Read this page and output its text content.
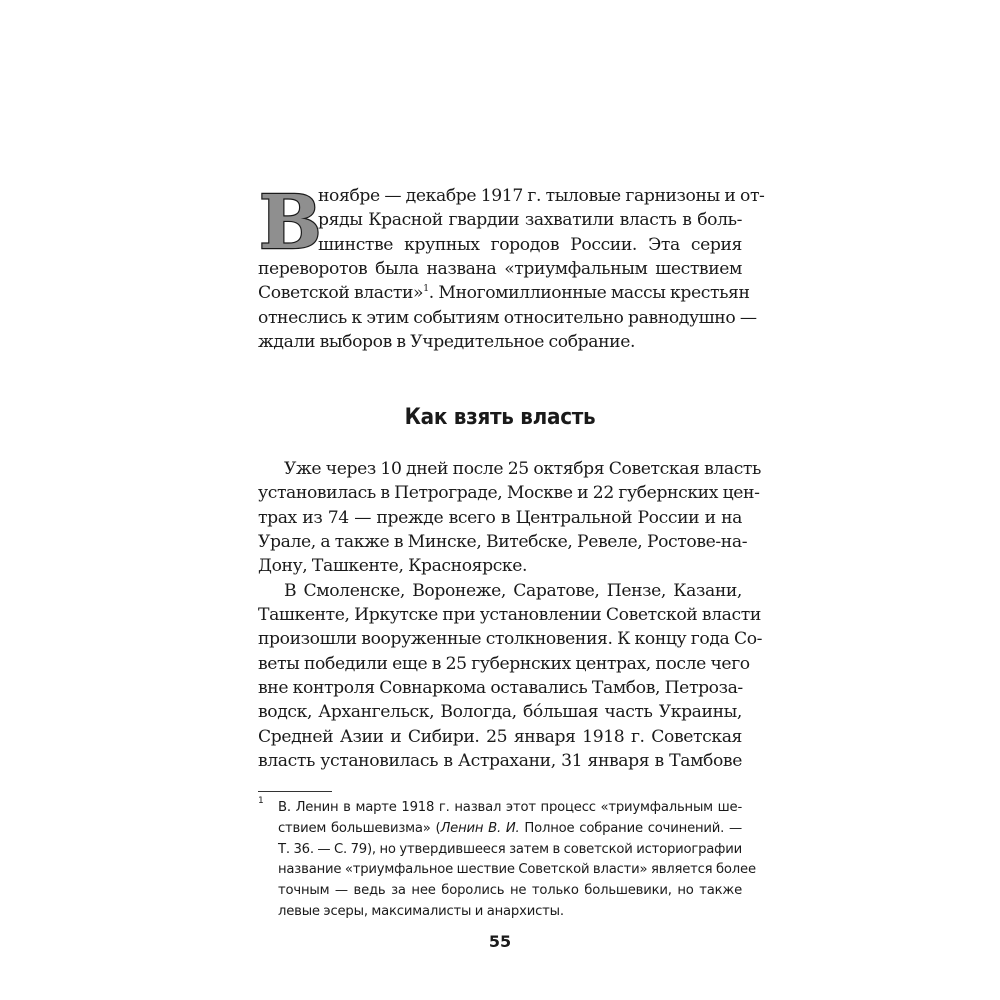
В
ноябре — декабре 1917 г. тыловые гарнизоны и от-
ряды Красной гвардии захватили власть в боль-
шинстве крупных городов России. Эта серия
переворотов была названа «триумфальным шествием
Советской власти»$^1$. Многомиллионные массы крестьян
отнеслись к этим событиям относительно равнодушно —
ждали выборов в Учредительное собрание.
Как взять власть
Уже через 10 дней после 25 октября Советская власть
установилась в Петрограде, Москве и 22 губернских цен-
трах из 74 — прежде всего в Центральной России и на
Урале, а также в Минске, Витебске, Ревеле, Ростове-на-
Дону, Ташкенте, Красноярске.
В Смоленске, Воронеже, Саратове, Пензе, Казани,
Ташкенте, Иркутске при установлении Советской власти
произошли вооруженные столкновения. К концу года Со-
веты победили еще в 25 губернских центрах, после чего
вне контроля Совнаркома оставались Тамбов, Петроза-
водск, Архангельск, Вологда, бóльшая часть Украины,
Средней Азии и Сибири. 25 января 1918 г. Советская
власть установилась в Астрахани, 31 января в Тамбове
1	В. Ленин в марте 1918 г. назвал этот процесс «триумфальным ше-
ствием большевизма» (Ленин В. И. Полное собрание сочинений. —
Т. 36. — С. 79), но утвердившееся затем в советской историографии
название «триумфальное шествие Советской власти» является более
точным — ведь за нее боролись не только большевики, но также
левые эсеры, максималисты и анархисты.
55
